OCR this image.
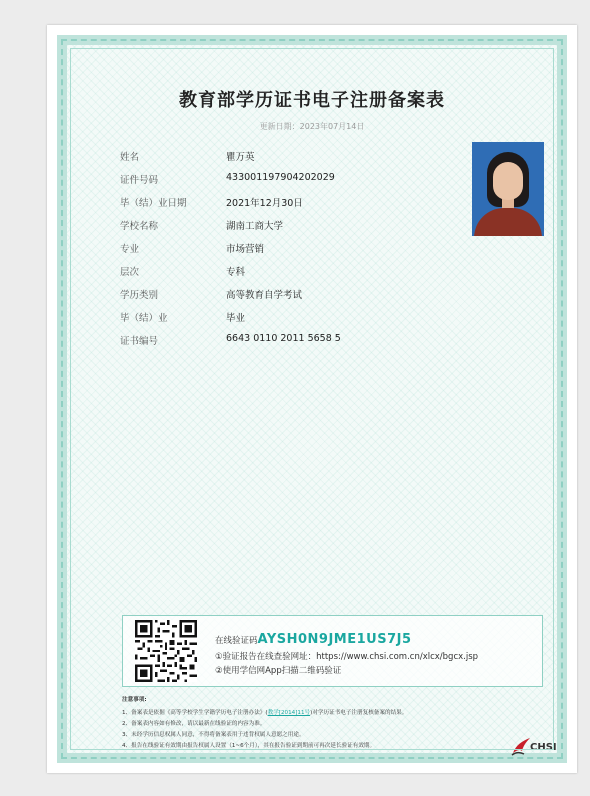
教育部学历证书电子注册备案表
更新日期：2023年07月14日
姓名	瞿万英
证件号码	433001197904202029
毕（结）业日期	2021年12月30日
学校名称	湖南工商大学
专业	市场营销
层次	专科
学历类别	高等教育自学考试
毕（结）业	毕业
证书编号	6643 0110 2011 5658 5
在线验证码AYSH0N9JME1US7J5
①验证报告在线查验网址：https://www.chsi.com.cn/xlcx/bgcx.jsp
②使用学信网App扫描二维码验证
注意事项:
1、备案表是依据《高等学校学生学籍学历电子注册办法》(教学[2014]11号)对学历证书电子注册复核备案的结果。
2、备案表内容如有修改，请以最新在线验证的内容为准。
3、未经学历信息权属人同意，不得将备案表用于违背权属人意愿之用途。
4、报告在线验证有效期由报告权属人设置（1~6个月），其在报告验证到期前可再次延长验证有效期。	CHSI
